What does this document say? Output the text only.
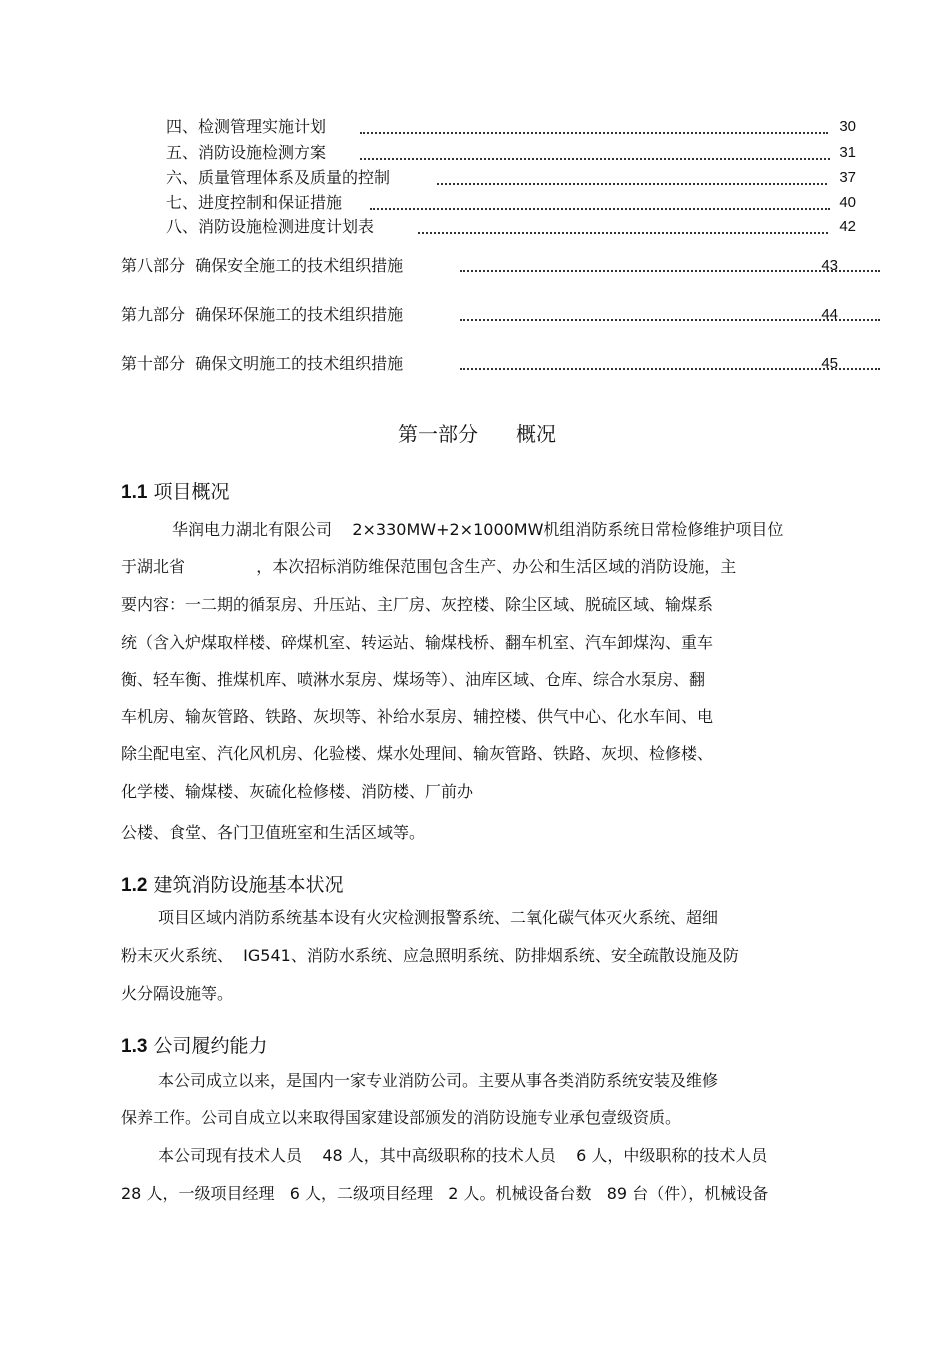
四、检测管理实施计划	30
五、消防设施检测方案	31
六、质量管理体系及质量的控制	37
七、进度控制和保证措施	40
八、消防设施检测进度计划表	42
第八部分  确保安全施工的技术组织措施	43
第九部分  确保环保施工的技术组织措施	44
第十部分  确保文明施工的技术组织措施	45
第一部分 概况
1.1 项目概况
华润电力湖北有限公司    2×330MW+2×1000MW机组消防系统日常检修维护项目位
于湖北省              ，本次招标消防维保范围包含生产、办公和生活区域的消防设施，主
要内容：一二期的循泵房、升压站、主厂房、灰控楼、除尘区域、脱硫区域、输煤系
统（含入炉煤取样楼、碎煤机室、转运站、输煤栈桥、翻车机室、汽车卸煤沟、重车
衡、轻车衡、推煤机库、喷淋水泵房、煤场等）、油库区域、仓库、综合水泵房、翻
车机房、输灰管路、铁路、灰坝等、补给水泵房、辅控楼、供气中心、化水车间、电
除尘配电室、汽化风机房、化验楼、煤水处理间、输灰管路、铁路、灰坝、检修楼、
化学楼、输煤楼、灰硫化检修楼、消防楼、厂前办
公楼、食堂、各门卫值班室和生活区域等。
1.2 建筑消防设施基本状况
项目区域内消防系统基本设有火灾检测报警系统、二氧化碳气体灭火系统、超细
粉末灭火系统、  IG541、消防水系统、应急照明系统、防排烟系统、安全疏散设施及防
火分隔设施等。
1.3 公司履约能力
本公司成立以来，是国内一家专业消防公司。主要从事各类消防系统安装及维修
保养工作。公司自成立以来取得国家建设部颁发的消防设施专业承包壹级资质。
本公司现有技术人员    48 人，其中高级职称的技术人员    6 人，中级职称的技术人员
28 人，一级项目经理   6 人，二级项目经理   2 人。机械设备台数   89 台（件），机械设备
